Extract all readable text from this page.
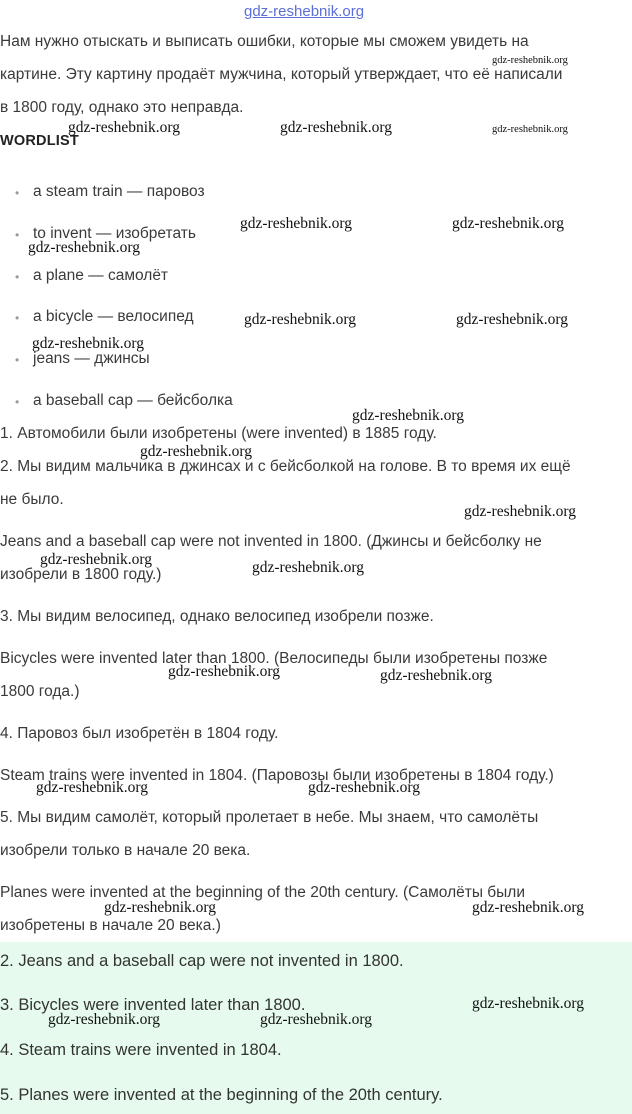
gdz-reshebnik.org
Нам нужно отыскать и выписать ошибки, которые мы сможем увидеть на
картине. Эту картину продаёт мужчина, который утверждает, что её написали
в 1800 году, однако это неправда.
WORDLIST
• a steam train — паровоз
• to invent — изобретать
• a plane — самолёт
• a bicycle — велосипед
• jeans — джинсы
• a baseball cap — бейсболка
1. Автомобили были изобретены (were invented) в 1885 году.
2. Мы видим мальчика в джинсах и с бейсболкой на голове. В то время их ещё
не было.
Jeans and a baseball cap were not invented in 1800. (Джинсы и бейсболку не
изобрели в 1800 году.)
3. Мы видим велосипед, однако велосипед изобрели позже.
Bicycles were invented later than 1800. (Велосипеды были изобретены позже
1800 года.)
4. Паровоз был изобретён в 1804 году.
Steam trains were invented in 1804. (Паровозы были изобретены в 1804 году.)
5. Мы видим самолёт, который пролетает в небе. Мы знаем, что самолёты
изобрели только в начале 20 века.
Planes were invented at the beginning of the 20th century. (Самолёты были
изобретены в начале 20 века.)
2. Jeans and a baseball cap were not invented in 1800.
3. Bicycles were invented later than 1800.
4. Steam trains were invented in 1804.
5. Planes were invented at the beginning of the 20th century.
gdz-reshebnik.org
gdz-reshebnik.org	gdz-reshebnik.org	gdz-reshebnik.org
gdz-reshebnik.org	gdz-reshebnik.org
gdz-reshebnik.org
gdz-reshebnik.org	gdz-reshebnik.org
gdz-reshebnik.org
gdz-reshebnik.org
gdz-reshebnik.org
gdz-reshebnik.org
gdz-reshebnik.org	gdz-reshebnik.org
gdz-reshebnik.org	gdz-reshebnik.org
gdz-reshebnik.org	gdz-reshebnik.org
gdz-reshebnik.org	gdz-reshebnik.org
gdz-reshebnik.org
gdz-reshebnik.org	gdz-reshebnik.org
